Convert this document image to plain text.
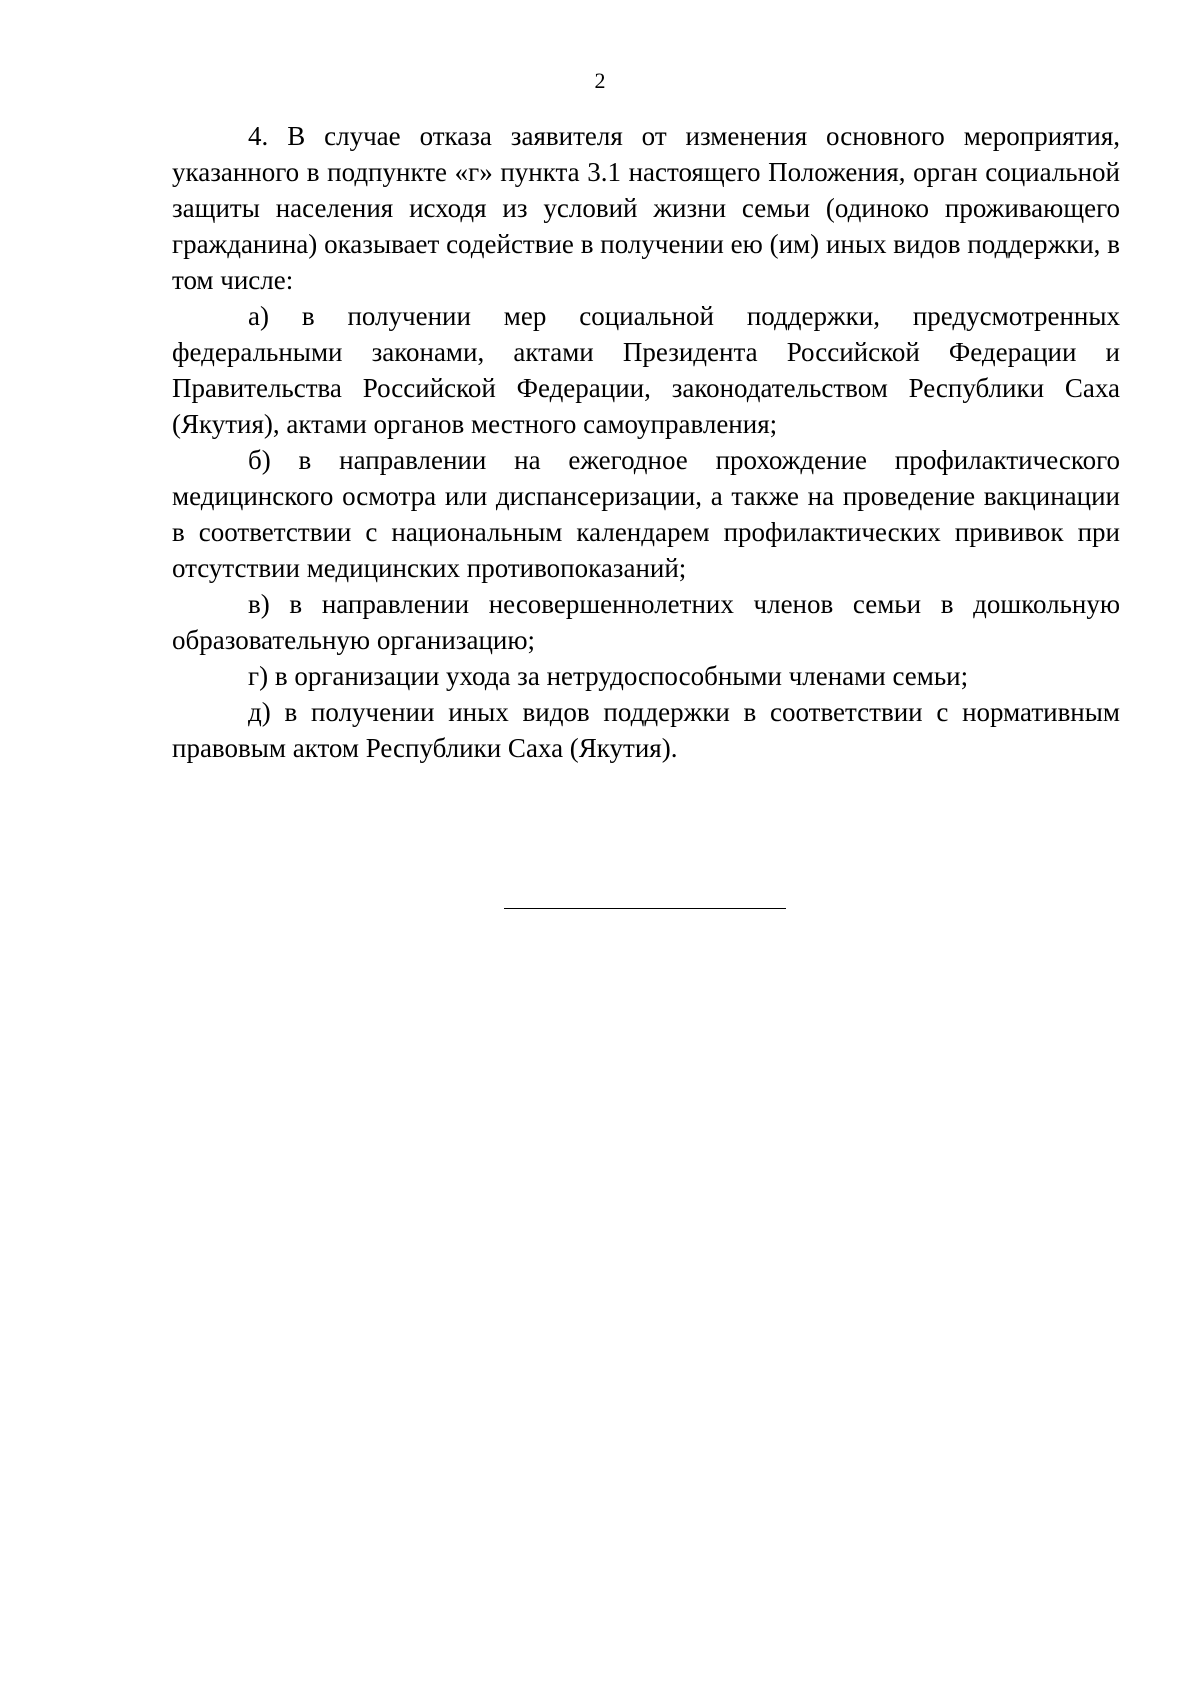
2

4. В случае отказа заявителя от изменения основного мероприятия, указанного в подпункте «г» пункта 3.1 настоящего Положения, орган социальной защиты населения исходя из условий жизни семьи (одиноко проживающего гражданина) оказывает содействие в получении ею (им) иных видов поддержки, в том числе:

а) в получении мер социальной поддержки, предусмотренных федеральными законами, актами Президента Российской Федерации и Правительства Российской Федерации, законодательством Республики Саха (Якутия), актами органов местного самоуправления;

б) в направлении на ежегодное прохождение профилактического медицинского осмотра или диспансеризации, а также на проведение вакцинации в соответствии с национальным календарем профилактических прививок при отсутствии медицинских противопоказаний;

в) в направлении несовершеннолетних членов семьи в дошкольную образовательную организацию;

г) в организации ухода за нетрудоспособными членами семьи;

д) в получении иных видов поддержки в соответствии с нормативным правовым актом Республики Саха (Якутия).
